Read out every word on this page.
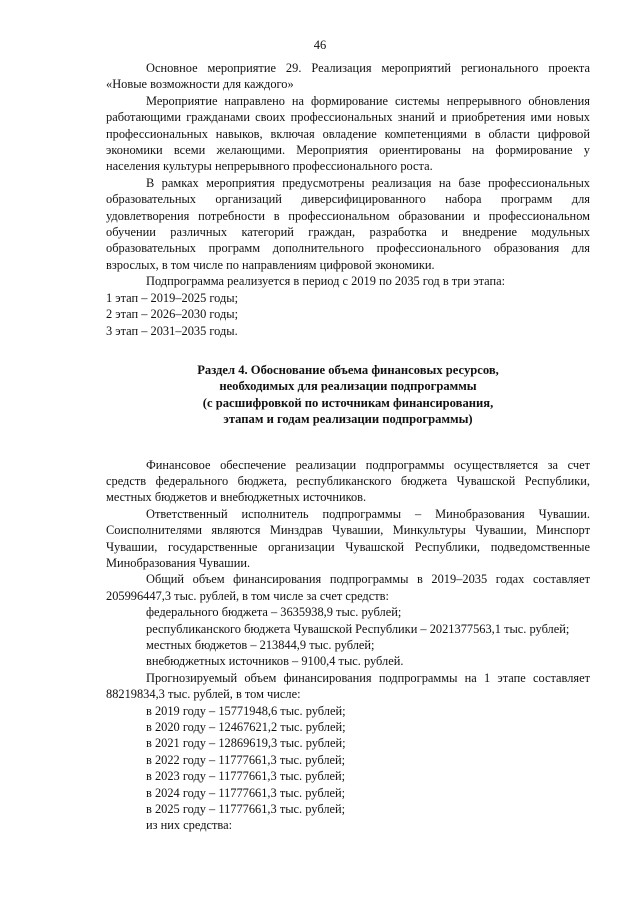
46

Основное мероприятие 29. Реализация мероприятий регионального проекта «Новые возможности для каждого»

Мероприятие направлено на формирование системы непрерывного обновления работающими гражданами своих профессиональных знаний и приобретения ими новых профессиональных навыков, включая овладение компетенциями в области цифровой экономики всеми желающими. Мероприятия ориентированы на формирование у населения культуры непрерывного профессионального роста.

В рамках мероприятия предусмотрены реализация на базе профессиональных образовательных организаций диверсифицированного набора программ для удовлетворения потребности в профессиональном образовании и профессиональном обучении различных категорий граждан, разработка и внедрение модульных образовательных программ дополнительного профессионального образования для взрослых, в том числе по направлениям цифровой экономики.

Подпрограмма реализуется в период с 2019 по 2035 год в три этапа:

1 этап – 2019–2025 годы;

2 этап – 2026–2030 годы;

3 этап – 2031–2035 годы.

Раздел 4. Обоснование объема финансовых ресурсов,
необходимых для реализации подпрограммы
(с расшифровкой по источникам финансирования,
этапам и годам реализации подпрограммы)

Финансовое обеспечение реализации подпрограммы осуществляется за счет средств федерального бюджета, республиканского бюджета Чувашской Республики, местных бюджетов и внебюджетных источников.

Ответственный исполнитель подпрограммы – Минобразования Чувашии. Соисполнителями являются Минздрав Чувашии, Минкультуры Чувашии, Минспорт Чувашии, государственные организации Чувашской Республики, подведомственные Минобразования Чувашии.

Общий объем финансирования подпрограммы в 2019–2035 годах составляет 205996447,3 тыс. рублей, в том числе за счет средств:

федерального бюджета – 3635938,9 тыс. рублей;

республиканского бюджета Чувашской Республики – 2021377563,1 тыс. рублей;

местных бюджетов – 213844,9 тыс. рублей;

внебюджетных источников – 9100,4 тыс. рублей.

Прогнозируемый объем финансирования подпрограммы на 1 этапе составляет 88219834,3 тыс. рублей, в том числе:

в 2019 году – 15771948,6 тыс. рублей;

в 2020 году – 12467621,2 тыс. рублей;

в 2021 году – 12869619,3 тыс. рублей;

в 2022 году – 11777661,3 тыс. рублей;

в 2023 году – 11777661,3 тыс. рублей;

в 2024 году – 11777661,3 тыс. рублей;

в 2025 году – 11777661,3 тыс. рублей;

из них средства:
